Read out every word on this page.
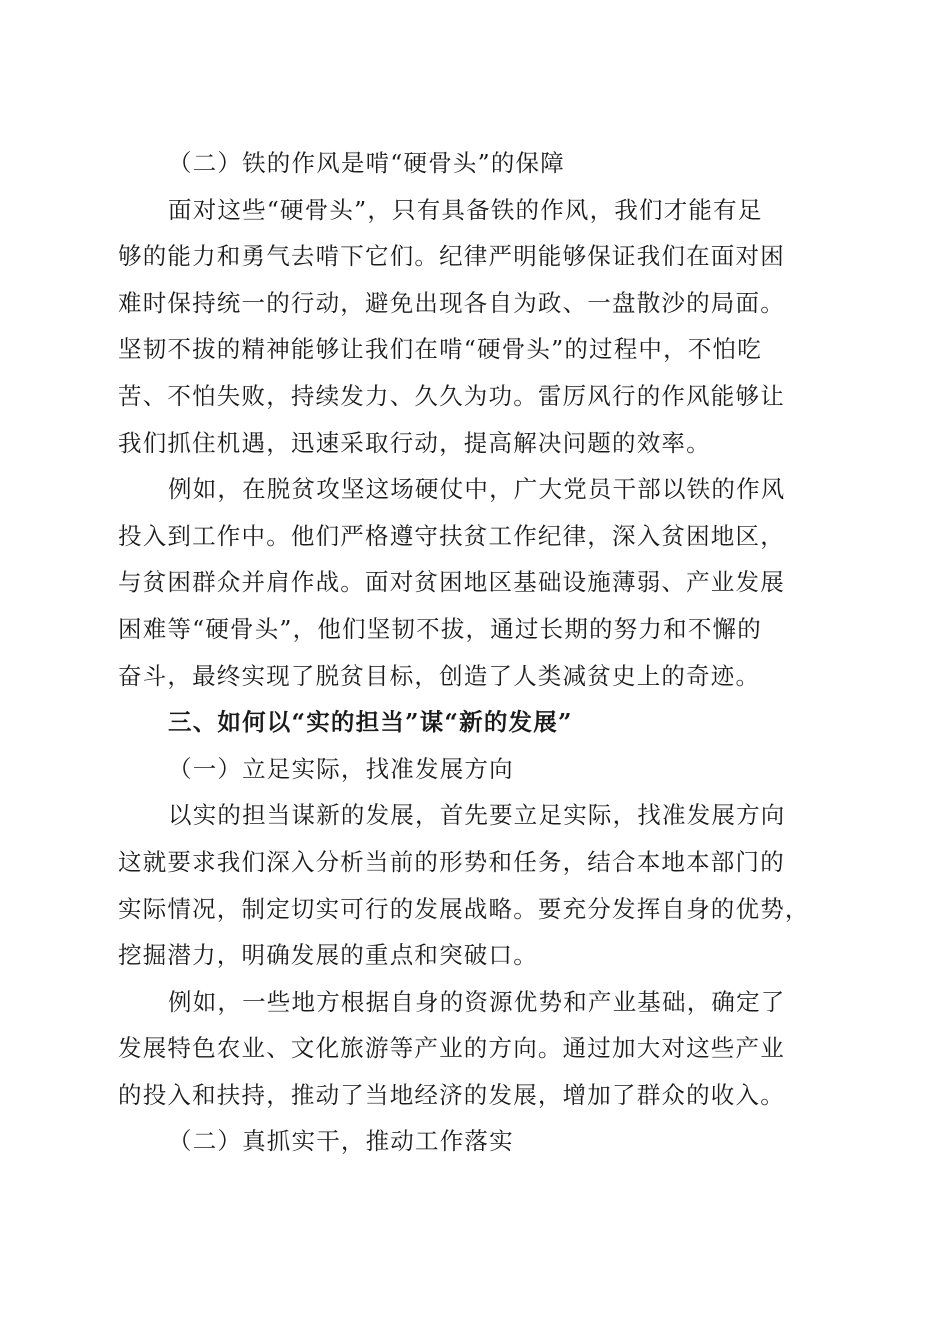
（二）铁的作风是啃“硬骨头”的保障
面对这些“硬骨头”，只有具备铁的作风，我们才能有足
够的能力和勇气去啃下它们。纪律严明能够保证我们在面对困
难时保持统一的行动，避免出现各自为政、一盘散沙的局面。
坚韧不拔的精神能够让我们在啃“硬骨头”的过程中，不怕吃
苦、不怕失败，持续发力、久久为功。雷厉风行的作风能够让
我们抓住机遇，迅速采取行动，提高解决问题的效率。
例如，在脱贫攻坚这场硬仗中，广大党员干部以铁的作风
投入到工作中。他们严格遵守扶贫工作纪律，深入贫困地区，
与贫困群众并肩作战。面对贫困地区基础设施薄弱、产业发展
困难等“硬骨头”，他们坚韧不拔，通过长期的努力和不懈的
奋斗，最终实现了脱贫目标，创造了人类减贫史上的奇迹。
三、如何以“实的担当”谋“新的发展”
（一）立足实际，找准发展方向
以实的担当谋新的发展，首先要立足实际，找准发展方向
这就要求我们深入分析当前的形势和任务，结合本地本部门的
实际情况，制定切实可行的发展战略。要充分发挥自身的优势，
挖掘潜力，明确发展的重点和突破口。
例如，一些地方根据自身的资源优势和产业基础，确定了
发展特色农业、文化旅游等产业的方向。通过加大对这些产业
的投入和扶持，推动了当地经济的发展，增加了群众的收入。
（二）真抓实干，推动工作落实
